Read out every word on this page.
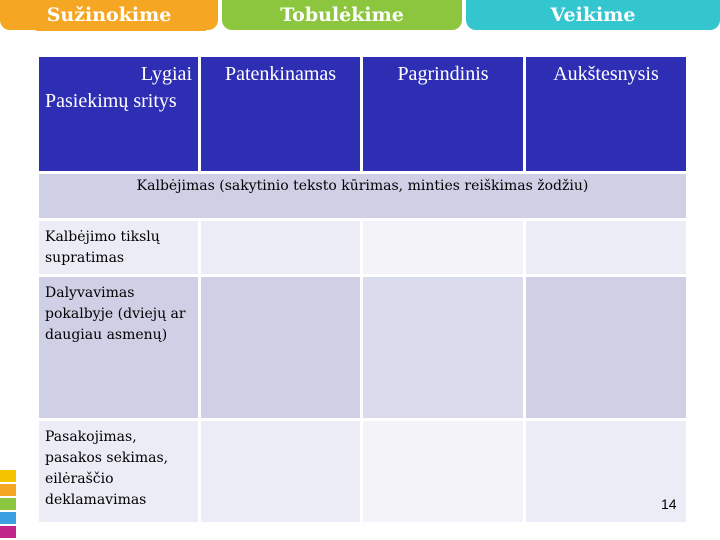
Sužinokime	Tobulėkime	Veikime
Lygiai
Pasiekimų sritys	Patenkinamas	Pagrindinis	Aukštesnysis
Kalbėjimas (sakytinio teksto kūrimas, minties reiškimas žodžiu)			
Kalbėjimo tikslų supratimas			
Dalyvavimas pokalbyje (dviejų ar daugiau asmenų)			
Pasakojimas, pasakos sekimas, eilėraščio deklamavimas				14
